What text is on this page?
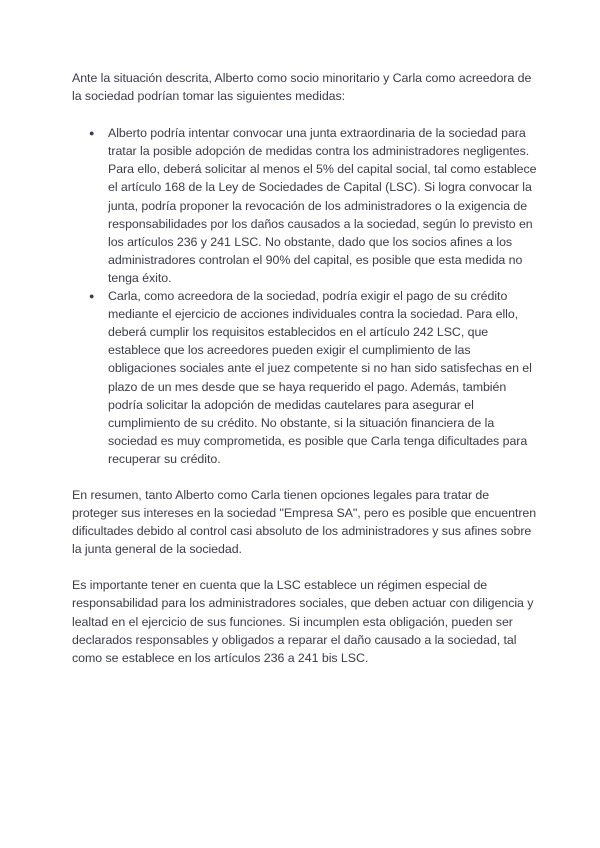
Ante la situación descrita, Alberto como socio minoritario y Carla como acreedora de la sociedad podrían tomar las siguientes medidas:

● Alberto podría intentar convocar una junta extraordinaria de la sociedad para tratar la posible adopción de medidas contra los administradores negligentes. Para ello, deberá solicitar al menos el 5% del capital social, tal como establece el artículo 168 de la Ley de Sociedades de Capital (LSC). Si logra convocar la junta, podría proponer la revocación de los administradores o la exigencia de responsabilidades por los daños causados a la sociedad, según lo previsto en los artículos 236 y 241 LSC. No obstante, dado que los socios afines a los administradores controlan el 90% del capital, es posible que esta medida no tenga éxito.
● Carla, como acreedora de la sociedad, podría exigir el pago de su crédito mediante el ejercicio de acciones individuales contra la sociedad. Para ello, deberá cumplir los requisitos establecidos en el artículo 242 LSC, que establece que los acreedores pueden exigir el cumplimiento de las obligaciones sociales ante el juez competente si no han sido satisfechas en el plazo de un mes desde que se haya requerido el pago. Además, también podría solicitar la adopción de medidas cautelares para asegurar el cumplimiento de su crédito. No obstante, si la situación financiera de la sociedad es muy comprometida, es posible que Carla tenga dificultades para recuperar su crédito.

En resumen, tanto Alberto como Carla tienen opciones legales para tratar de proteger sus intereses en la sociedad "Empresa SA", pero es posible que encuentren dificultades debido al control casi absoluto de los administradores y sus afines sobre la junta general de la sociedad.

Es importante tener en cuenta que la LSC establece un régimen especial de responsabilidad para los administradores sociales, que deben actuar con diligencia y lealtad en el ejercicio de sus funciones. Si incumplen esta obligación, pueden ser declarados responsables y obligados a reparar el daño causado a la sociedad, tal como se establece en los artículos 236 a 241 bis LSC.
